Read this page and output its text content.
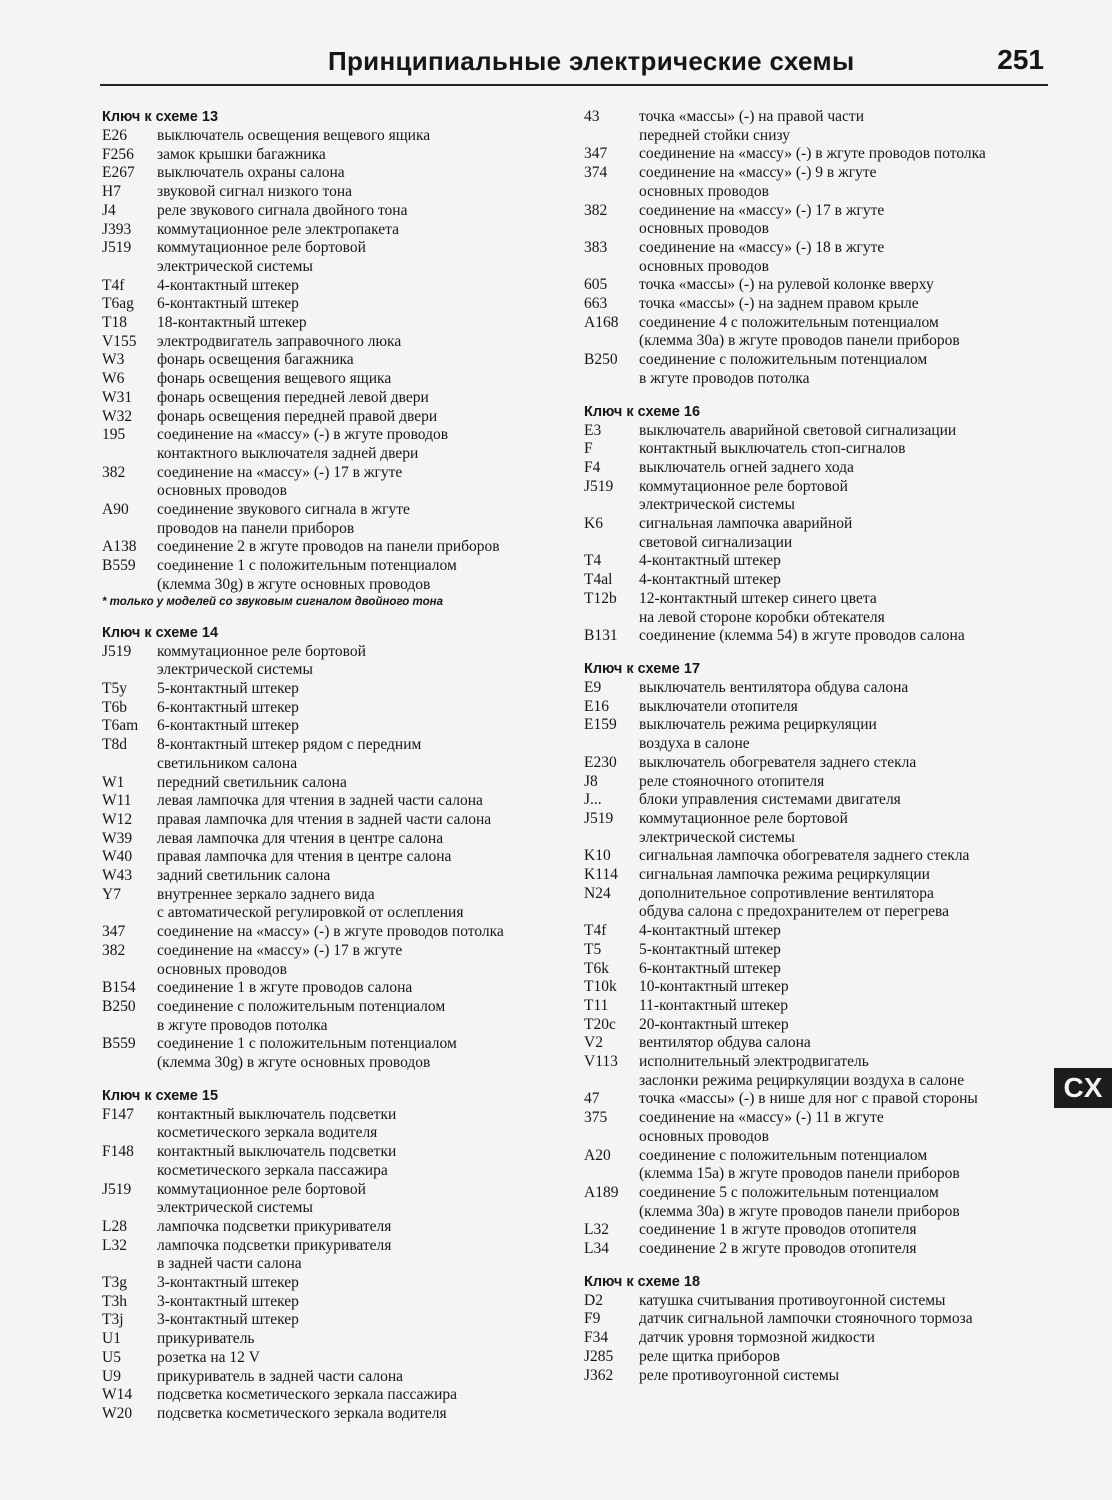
Принципиальные электрические схемы	251
Ключ к схеме 13
E26	выключатель освещения вещевого ящика
F256	замок крышки багажника
E267	выключатель охраны салона
H7	звуковой сигнал низкого тона
J4	реле звукового сигнала двойного тона
J393	коммутационное реле электропакета
J519	коммутационное реле бортовой
электрической системы
T4f	4-контактный штекер
T6ag	6-контактный штекер
T18	18-контактный штекер
V155	электродвигатель заправочного люка
W3	фонарь освещения багажника
W6	фонарь освещения вещевого ящика
W31	фонарь освещения передней левой двери
W32	фонарь освещения передней правой двери
195	соединение на «массу» (-) в жгуте проводов
контактного выключателя задней двери
382	соединение на «массу» (-) 17 в жгуте
основных проводов
A90	соединение звукового сигнала в жгуте
проводов на панели приборов
A138	соединение 2 в жгуте проводов на панели приборов
B559	соединение 1 с положительным потенциалом
(клемма 30g) в жгуте основных проводов
* только у моделей со звуковым сигналом двойного тона
Ключ к схеме 14
J519	коммутационное реле бортовой
электрической системы
T5y	5-контактный штекер
T6b	6-контактный штекер
T6am	6-контактный штекер
T8d	8-контактный штекер рядом с передним
светильником салона
W1	передний светильник салона
W11	левая лампочка для чтения в задней части салона
W12	правая лампочка для чтения в задней части салона
W39	левая лампочка для чтения в центре салона
W40	правая лампочка для чтения в центре салона
W43	задний светильник салона
Y7	внутреннее зеркало заднего вида
с автоматической регулировкой от ослепления
347	соединение на «массу» (-) в жгуте проводов потолка
382	соединение на «массу» (-) 17 в жгуте
основных проводов
B154	соединение 1 в жгуте проводов салона
B250	соединение с положительным потенциалом
в жгуте проводов потолка
B559	соединение 1 с положительным потенциалом
(клемма 30g) в жгуте основных проводов
Ключ к схеме 15
F147	контактный выключатель подсветки
косметического зеркала водителя
F148	контактный выключатель подсветки
косметического зеркала пассажира
J519	коммутационное реле бортовой
электрической системы
L28	лампочка подсветки прикуривателя
L32	лампочка подсветки прикуривателя
в задней части салона
T3g	3-контактный штекер
T3h	3-контактный штекер
T3j	3-контактный штекер
U1	прикуриватель
U5	розетка на 12 V
U9	прикуриватель в задней части салона
W14	подсветка косметического зеркала пассажира
W20	подсветка косметического зеркала водителя
43	точка «массы» (-) на правой части
передней стойки снизу
347	соединение на «массу» (-) в жгуте проводов потолка
374	соединение на «массу» (-) 9 в жгуте
основных проводов
382	соединение на «массу» (-) 17 в жгуте
основных проводов
383	соединение на «массу» (-) 18 в жгуте
основных проводов
605	точка «массы» (-) на рулевой колонке вверху
663	точка «массы» (-) на заднем правом крыле
A168	соединение 4 с положительным потенциалом
(клемма 30a) в жгуте проводов панели приборов
B250	соединение с положительным потенциалом
в жгуте проводов потолка
Ключ к схеме 16
E3	выключатель аварийной световой сигнализации
F	контактный выключатель стоп-сигналов
F4	выключатель огней заднего хода
J519	коммутационное реле бортовой
электрической системы
K6	сигнальная лампочка аварийной
световой сигнализации
T4	4-контактный штекер
T4al	4-контактный штекер
T12b	12-контактный штекер синего цвета
на левой стороне коробки обтекателя
B131	соединение (клемма 54) в жгуте проводов салона
Ключ к схеме 17
E9	выключатель вентилятора обдува салона
E16	выключатели отопителя
E159	выключатель режима рециркуляции
воздуха в салоне
E230	выключатель обогревателя заднего стекла
J8	реле стояночного отопителя
J...	блоки управления системами двигателя
J519	коммутационное реле бортовой
электрической системы
K10	сигнальная лампочка обогревателя заднего стекла
K114	сигнальная лампочка режима рециркуляции
N24	дополнительное сопротивление вентилятора
обдува салона с предохранителем от перегрева
T4f	4-контактный штекер
T5	5-контактный штекер
T6k	6-контактный штекер
T10k	10-контактный штекер
T11	11-контактный штекер
T20c	20-контактный штекер
V2	вентилятор обдува салона
V113	исполнительный электродвигатель
заслонки режима рециркуляции воздуха в салоне
47	точка «массы» (-) в нише для ног с правой стороны
375	соединение на «массу» (-) 11 в жгуте
основных проводов
A20	соединение с положительным потенциалом
(клемма 15а) в жгуте проводов панели приборов
A189	соединение 5 с положительным потенциалом
(клемма 30а) в жгуте проводов панели приборов
L32	соединение 1 в жгуте проводов отопителя
L34	соединение 2 в жгуте проводов отопителя
Ключ к схеме 18
D2	катушка считывания противоугонной системы
F9	датчик сигнальной лампочки стояночного тормоза
F34	датчик уровня тормозной жидкости
J285	реле щитка приборов
J362	реле противоугонной системы
CX
